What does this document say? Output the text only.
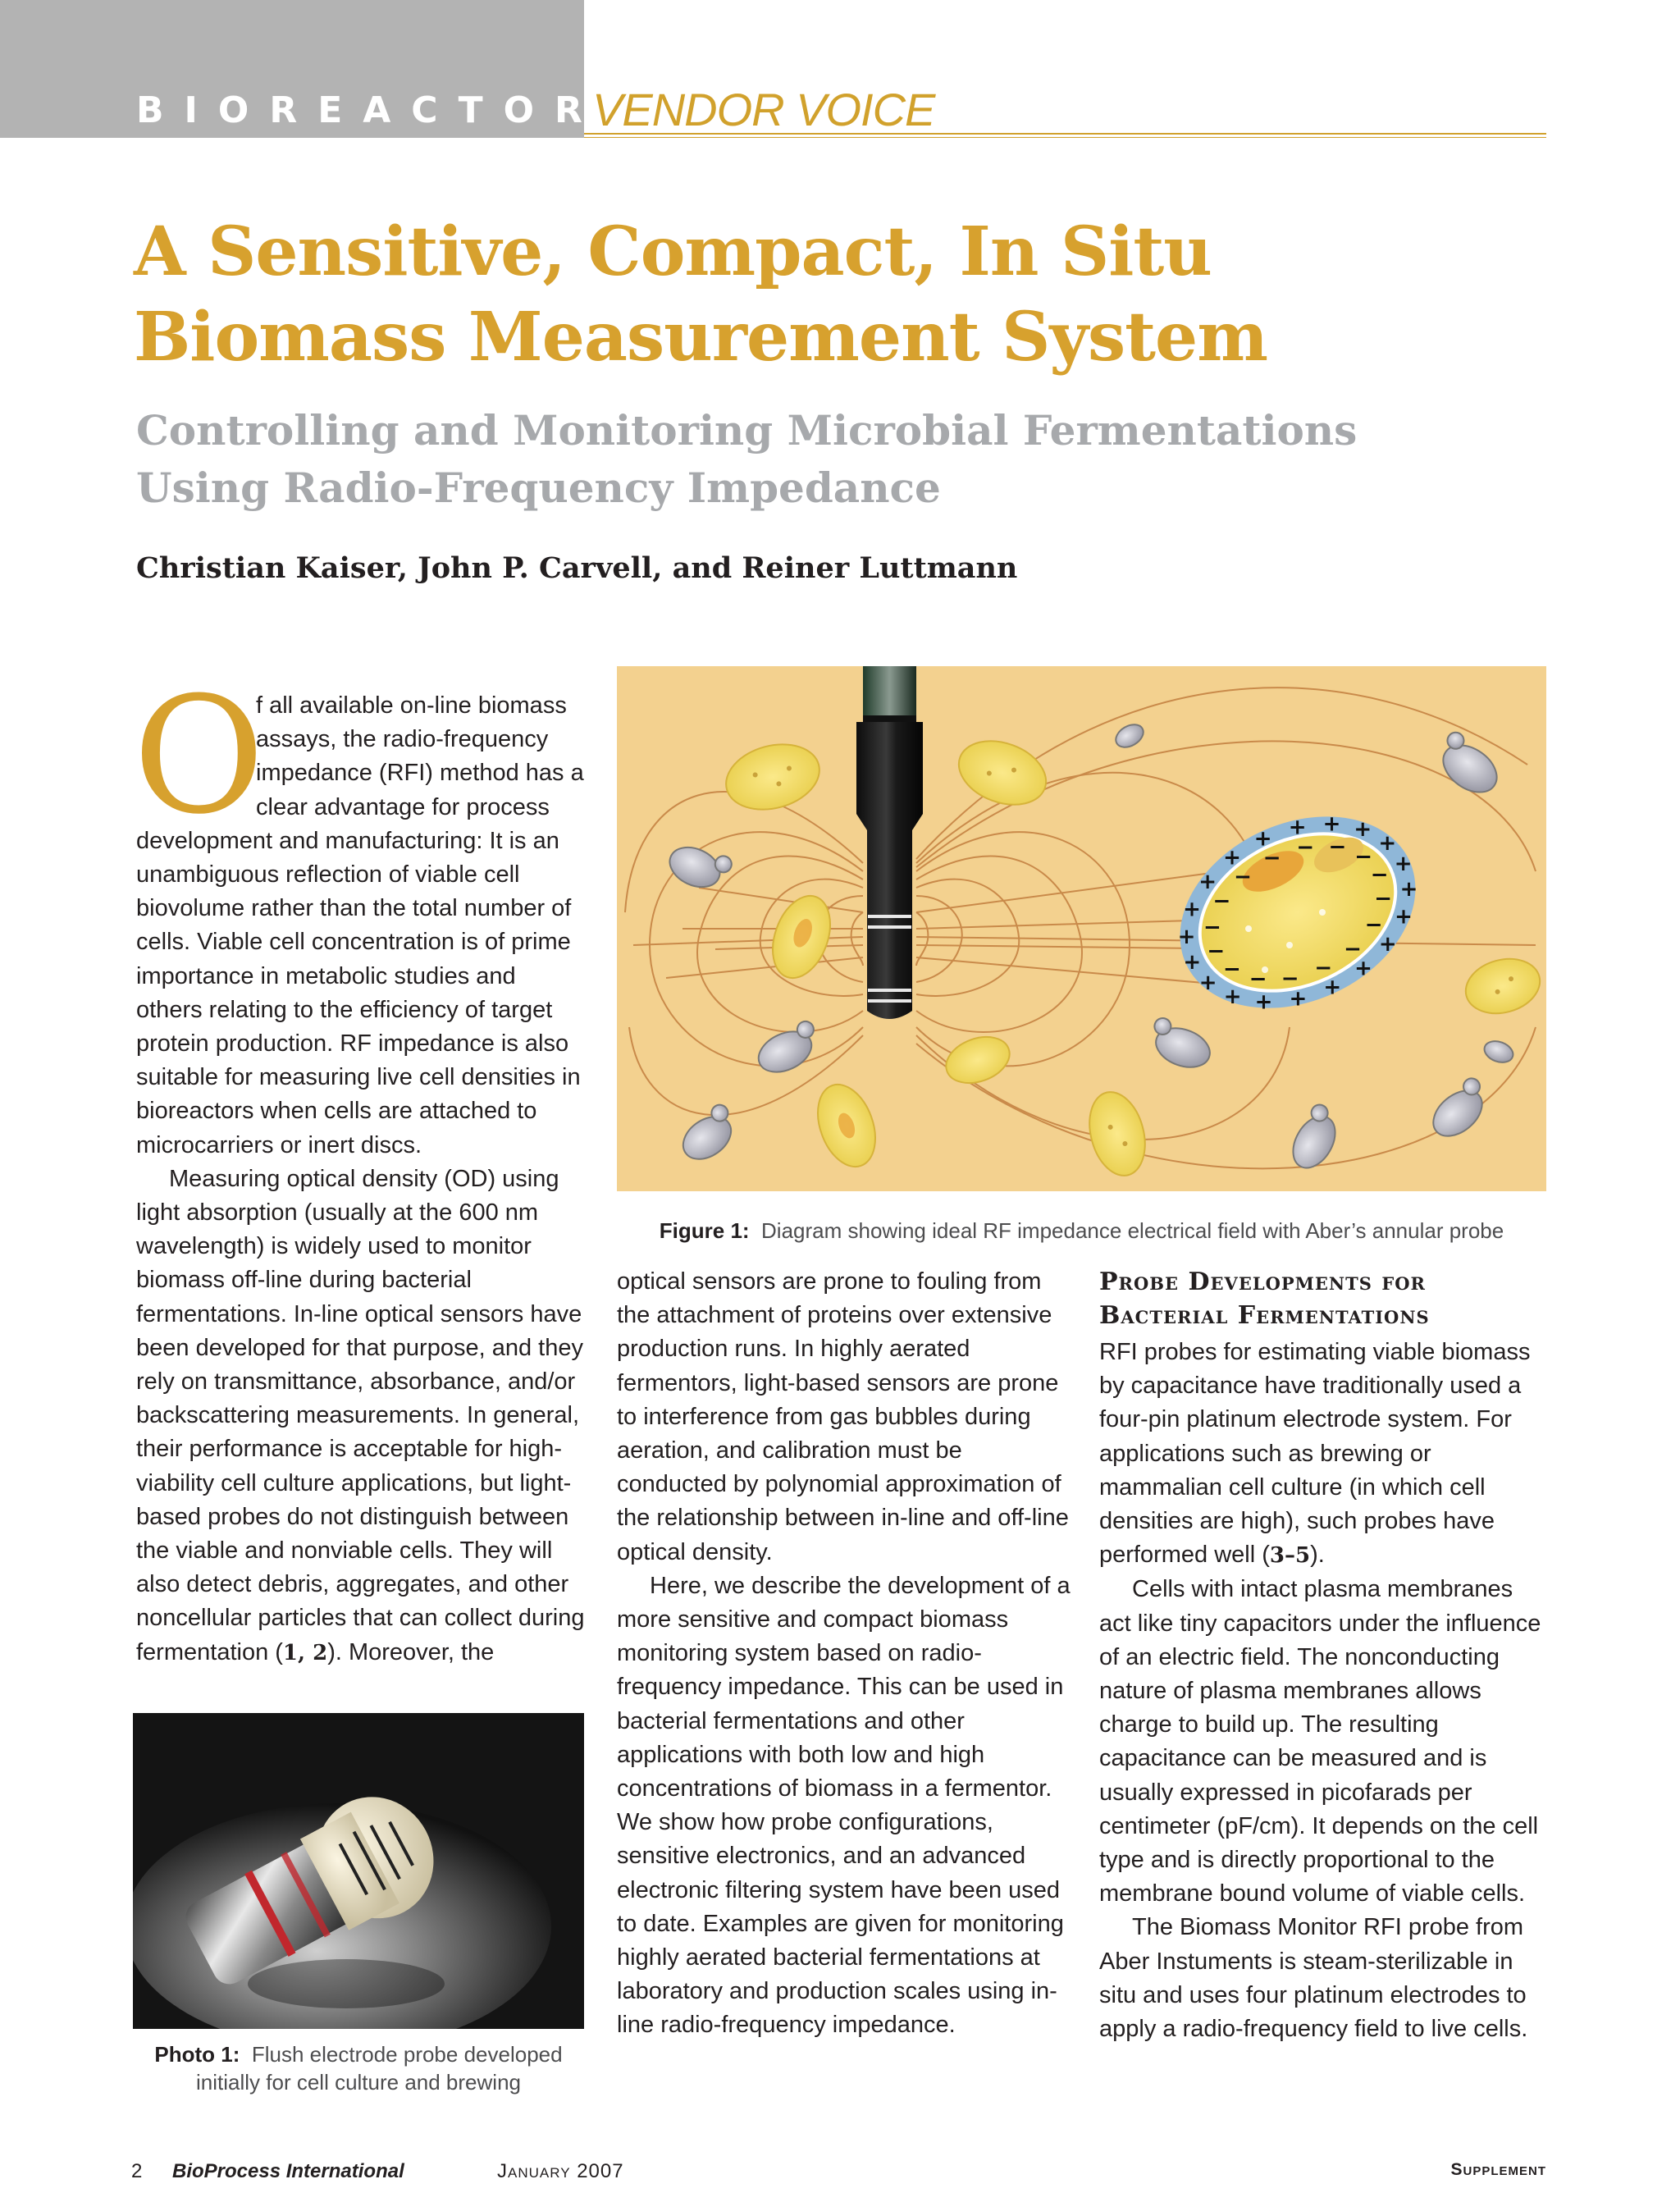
BIOREACTORS
VENDOR VOICE
A Sensitive, Compact, In Situ
Biomass Measurement System
Controlling and Monitoring Microbial Fermentations
Using Radio-Frequency Impedance

Christian Kaiser, John P. Carvell, and Reiner Luttmann

O
f all available on-line biomass assays, the radio-frequency impedance (RFI) method has a clear advantage for process development and manufacturing: It is an unambiguous reflection of viable cell biovolume rather than the total number of cells. Viable cell concentration is of prime importance in metabolic studies and others relating to the efficiency of target protein production. RF impedance is also suitable for measuring live cell densities in bioreactors when cells are attached to microcarriers or inert discs.

Measuring optical density (OD) using light absorption (usually at the 600 nm wavelength) is widely used to monitor biomass off-line during bacterial fermentations. In-line optical sensors have been developed for that purpose, and they rely on transmittance, absorbance, and/or backscattering measurements. In general, their performance is acceptable for high-viability cell culture applications, but light-based probes do not distinguish between the viable and nonviable cells. They will also detect debris, aggregates, and other noncellular particles that can collect during fermentation (1, 2). Moreover, the

+
+
+
+
+
+
+
+
+
+
+
+
+
+
+
+ + + +
+
−
−
−
−
−
−
−
−
−
−
−
−
− − − −
Figure 1: Diagram showing ideal RF impedance electrical field with Aber’s annular probe

optical sensors are prone to fouling from the attachment of proteins over extensive production runs. In highly aerated fermentors, light-based sensors are prone to interference from gas bubbles during aeration, and calibration must be conducted by polynomial approximation of the relationship between in-line and off-line optical density.

Here, we describe the development of a more sensitive and compact biomass monitoring system based on radio-frequency impedance. This can be used in bacterial fermentations and other applications with both low and high concentrations of biomass in a fermentor. We show how probe configurations, sensitive electronics, and an advanced electronic filtering system have been used to date. Examples are given for monitoring highly aerated bacterial fermentations at laboratory and production scales using in-line radio-frequency impedance.

Probe Developments for
Bacterial Fermentations

RFI probes for estimating viable biomass by capacitance have traditionally used a four-pin platinum electrode system. For applications such as brewing or mammalian cell culture (in which cell densities are high), such probes have performed well (3–5).

Cells with intact plasma membranes act like tiny capacitors under the influence of an electric field. The nonconducting nature of plasma membranes allows charge to build up. The resulting capacitance can be measured and is usually expressed in picofarads per centimeter (pF/cm). It depends on the cell type and is directly proportional to the membrane bound volume of viable cells.

The Biomass Monitor RFI probe from Aber Instuments is steam-sterilizable in situ and uses four platinum electrodes to apply a radio-frequency field to live cells.

Photo 1: Flush electrode probe developed initially for cell culture and brewing
2 BioProcess International	January 2007	Supplement
